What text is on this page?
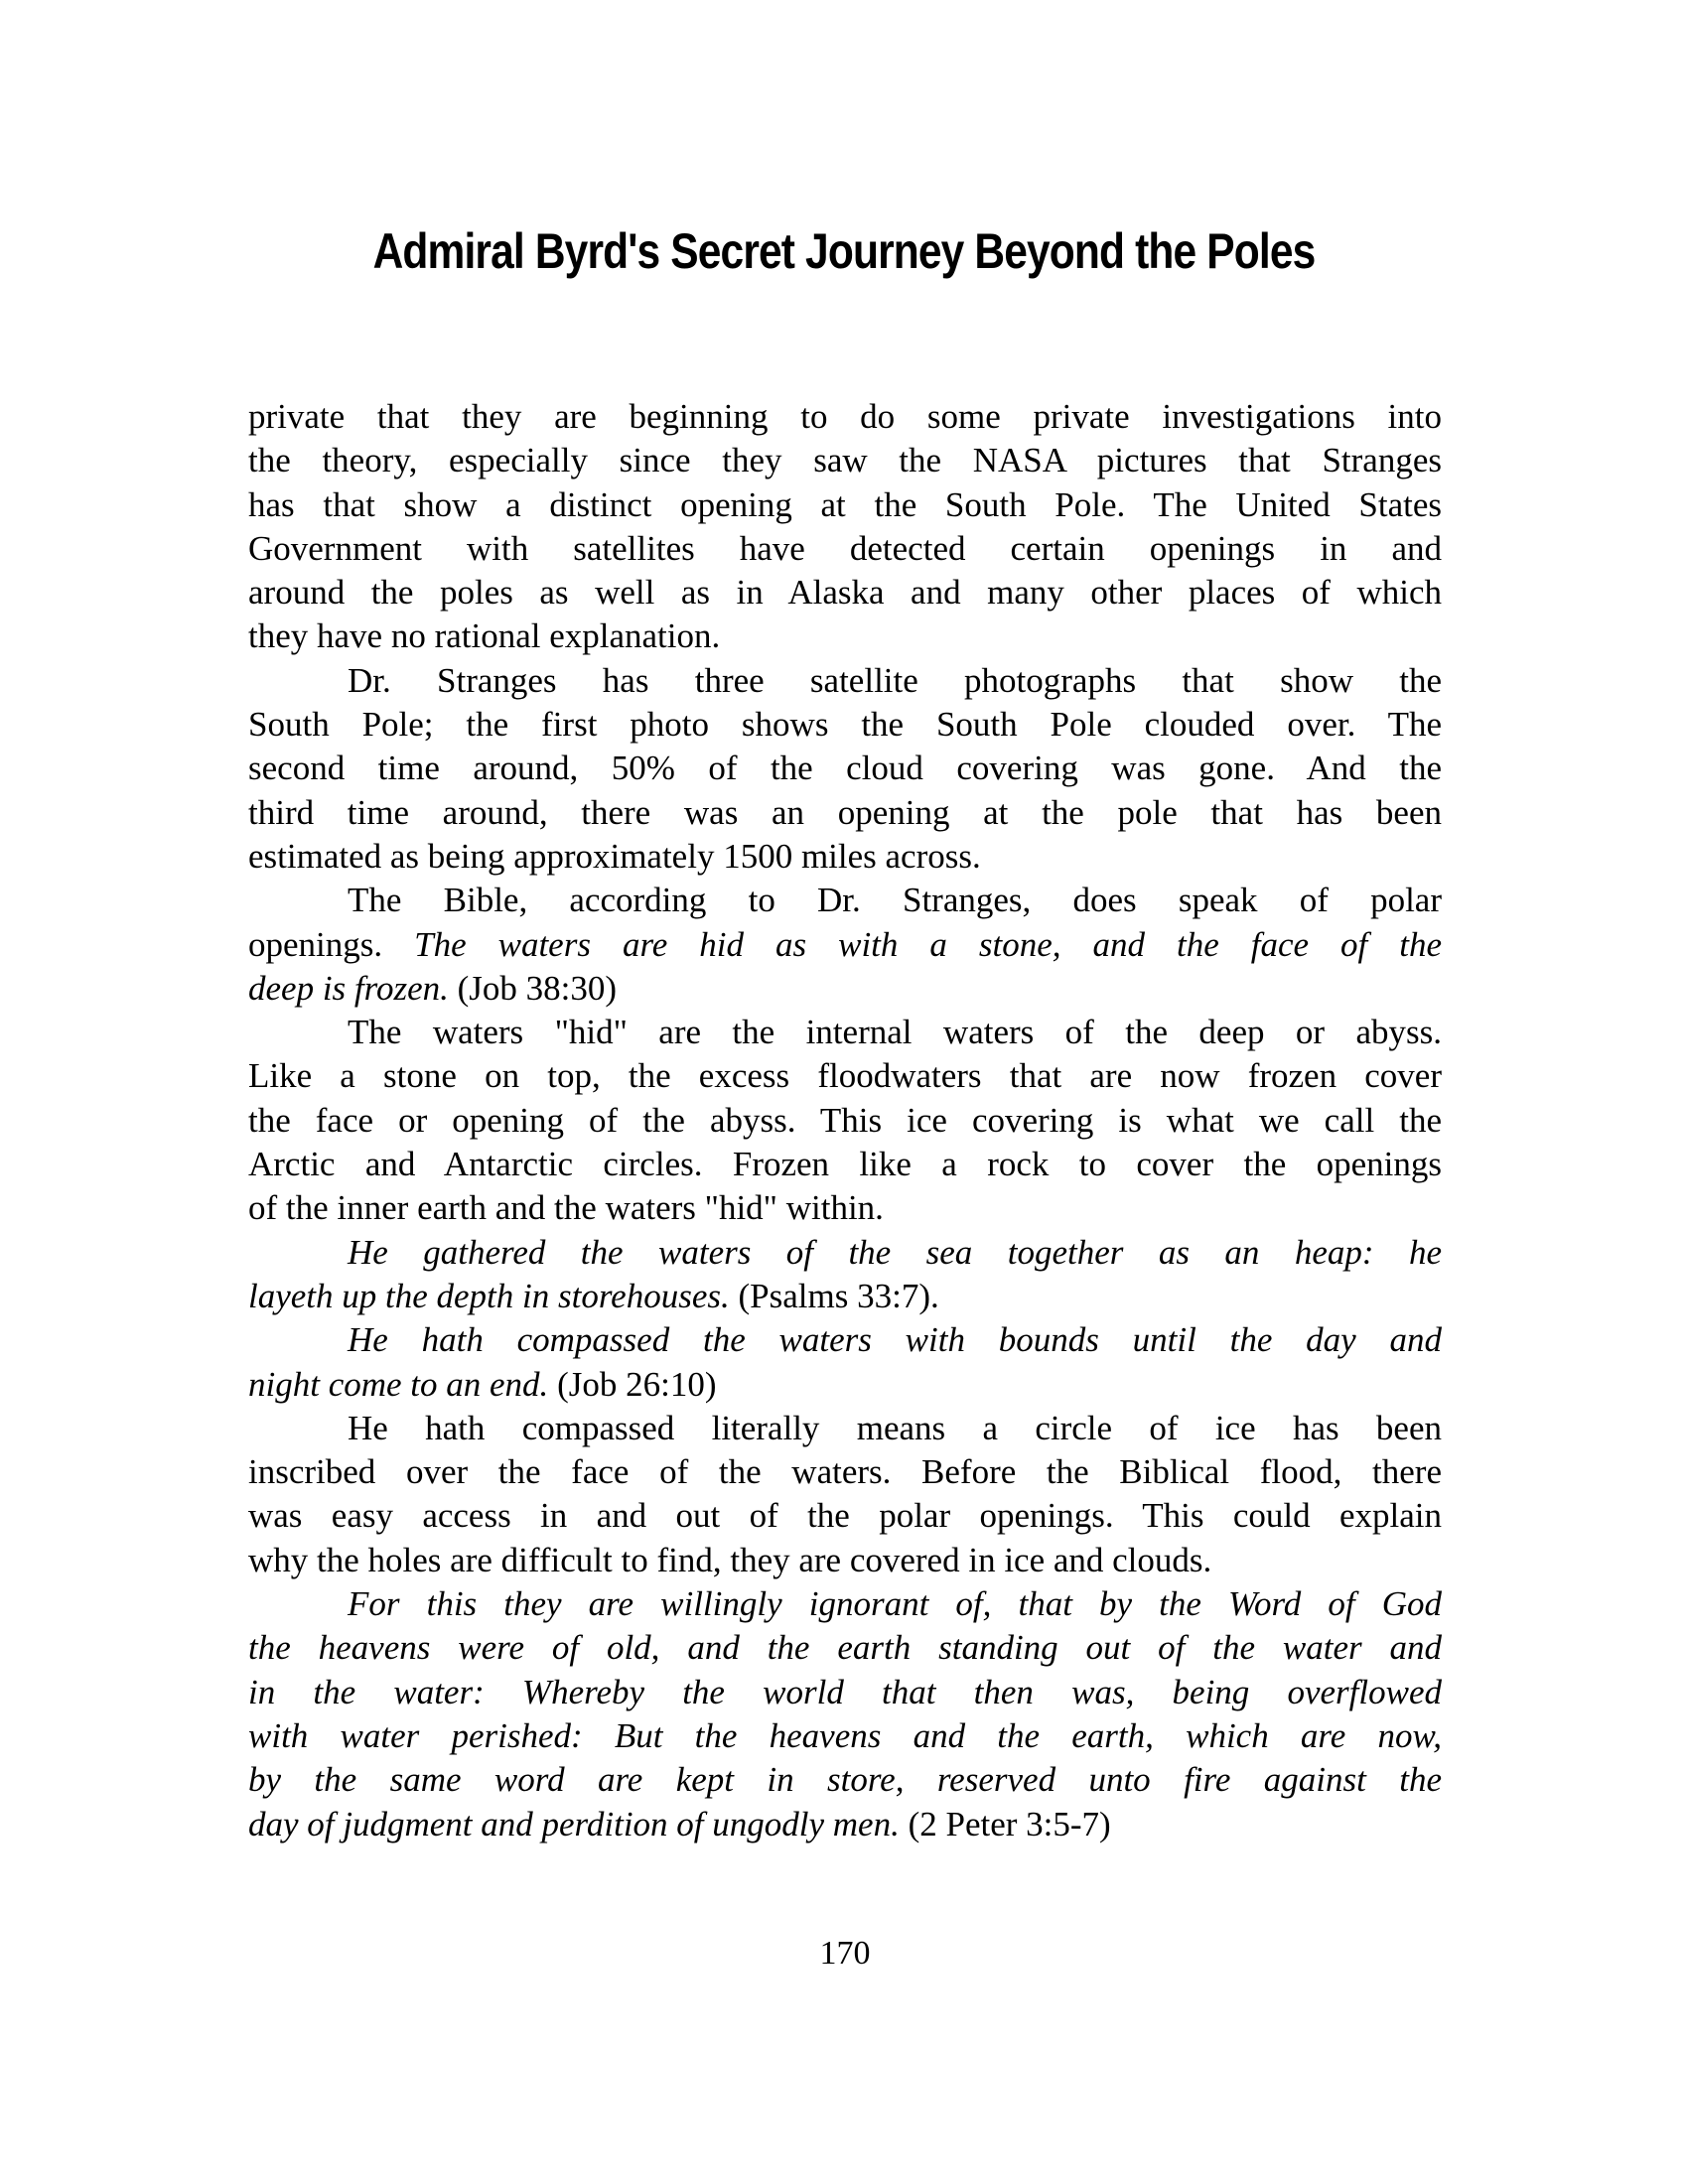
Admiral Byrd's Secret Journey Beyond the Poles
private that they are beginning to do some private investigations into
the theory, especially since they saw the NASA pictures that Stranges
has that show a distinct opening at the South Pole. The United States
Government with satellites have detected certain openings in and
around the poles as well as in Alaska and many other places of which
they have no rational explanation.
Dr. Stranges has three satellite photographs that show the
South Pole; the first photo shows the South Pole clouded over. The
second time around, 50% of the cloud covering was gone. And the
third time around, there was an opening at the pole that has been
estimated as being approximately 1500 miles across.
The Bible, according to Dr. Stranges, does speak of polar
openings. The waters are hid as with a stone, and the face of the
deep is frozen. (Job 38:30)
The waters "hid" are the internal waters of the deep or abyss.
Like a stone on top, the excess floodwaters that are now frozen cover
the face or opening of the abyss. This ice covering is what we call the
Arctic and Antarctic circles. Frozen like a rock to cover the openings
of the inner earth and the waters "hid" within.
He gathered the waters of the sea together as an heap: he
layeth up the depth in storehouses. (Psalms 33:7).
He hath compassed the waters with bounds until the day and
night come to an end. (Job 26:10)
He hath compassed literally means a circle of ice has been
inscribed over the face of the waters. Before the Biblical flood, there
was easy access in and out of the polar openings. This could explain
why the holes are difficult to find, they are covered in ice and clouds.
For this they are willingly ignorant of, that by the Word of God
the heavens were of old, and the earth standing out of the water and
in the water: Whereby the world that then was, being overflowed
with water perished: But the heavens and the earth, which are now,
by the same word are kept in store, reserved unto fire against the
day of judgment and perdition of ungodly men. (2 Peter 3:5-7)
170
